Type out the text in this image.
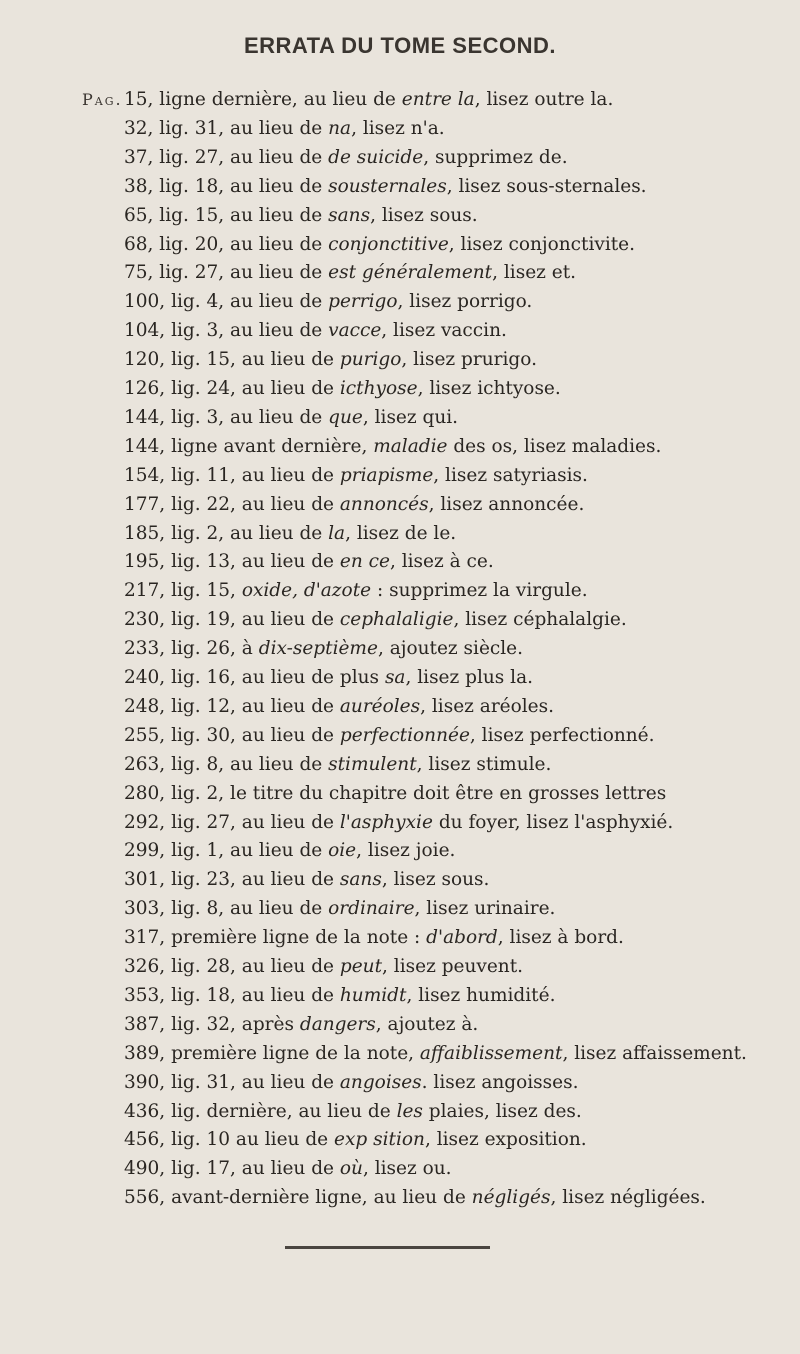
ERRATA DU TOME SECOND.
Pag. 15, ligne dernière, au lieu de entre la, lisez outre la.
32, lig. 31, au lieu de na, lisez n'a.
37, lig. 27, au lieu de de suicide, supprimez de.
38, lig. 18, au lieu de sousternales, lisez sous-sternales.
65, lig. 15, au lieu de sans, lisez sous.
68, lig. 20, au lieu de conjonctitive, lisez conjonctivite.
75, lig. 27, au lieu de est généralement, lisez et.
100, lig. 4, au lieu de perrigo, lisez porrigo.
104, lig. 3, au lieu de vacce, lisez vaccin.
120, lig. 15, au lieu de purigo, lisez prurigo.
126, lig. 24, au lieu de icthyose, lisez ichtyose.
144, lig. 3, au lieu de que, lisez qui.
144, ligne avant dernière, maladie des os, lisez maladies.
154, lig. 11, au lieu de priapisme, lisez satyriasis.
177, lig. 22, au lieu de annoncés, lisez annoncée.
185, lig. 2, au lieu de la, lisez de le.
195, lig. 13, au lieu de en ce, lisez à ce.
217, lig. 15, oxide, d'azote : supprimez la virgule.
230, lig. 19, au lieu de cephalaligie, lisez céphalalgie.
233, lig. 26, à dix-septième, ajoutez siècle.
240, lig. 16, au lieu de plus sa, lisez plus la.
248, lig. 12, au lieu de auréoles, lisez aréoles.
255, lig. 30, au lieu de perfectionnée, lisez perfectionné.
263, lig. 8, au lieu de stimulent, lisez stimule.
280, lig. 2, le titre du chapitre doit être en grosses lettres
292, lig. 27, au lieu de l'asphyxie du foyer, lisez l'asphyxié.
299, lig. 1, au lieu de oie, lisez joie.
301, lig. 23, au lieu de sans, lisez sous.
303, lig. 8, au lieu de ordinaire, lisez urinaire.
317, première ligne de la note : d'abord, lisez à bord.
326, lig. 28, au lieu de peut, lisez peuvent.
353, lig. 18, au lieu de humidt, lisez humidité.
387, lig. 32, après dangers, ajoutez à.
389, première ligne de la note, affaiblissement, lisez affaissement.
390, lig. 31, au lieu de angoises. lisez angoisses.
436, lig. dernière, au lieu de les plaies, lisez des.
456, lig. 10 au lieu de exp sition, lisez exposition.
490, lig. 17, au lieu de où, lisez ou.
556, avant-dernière ligne, au lieu de négligés, lisez négligées.
